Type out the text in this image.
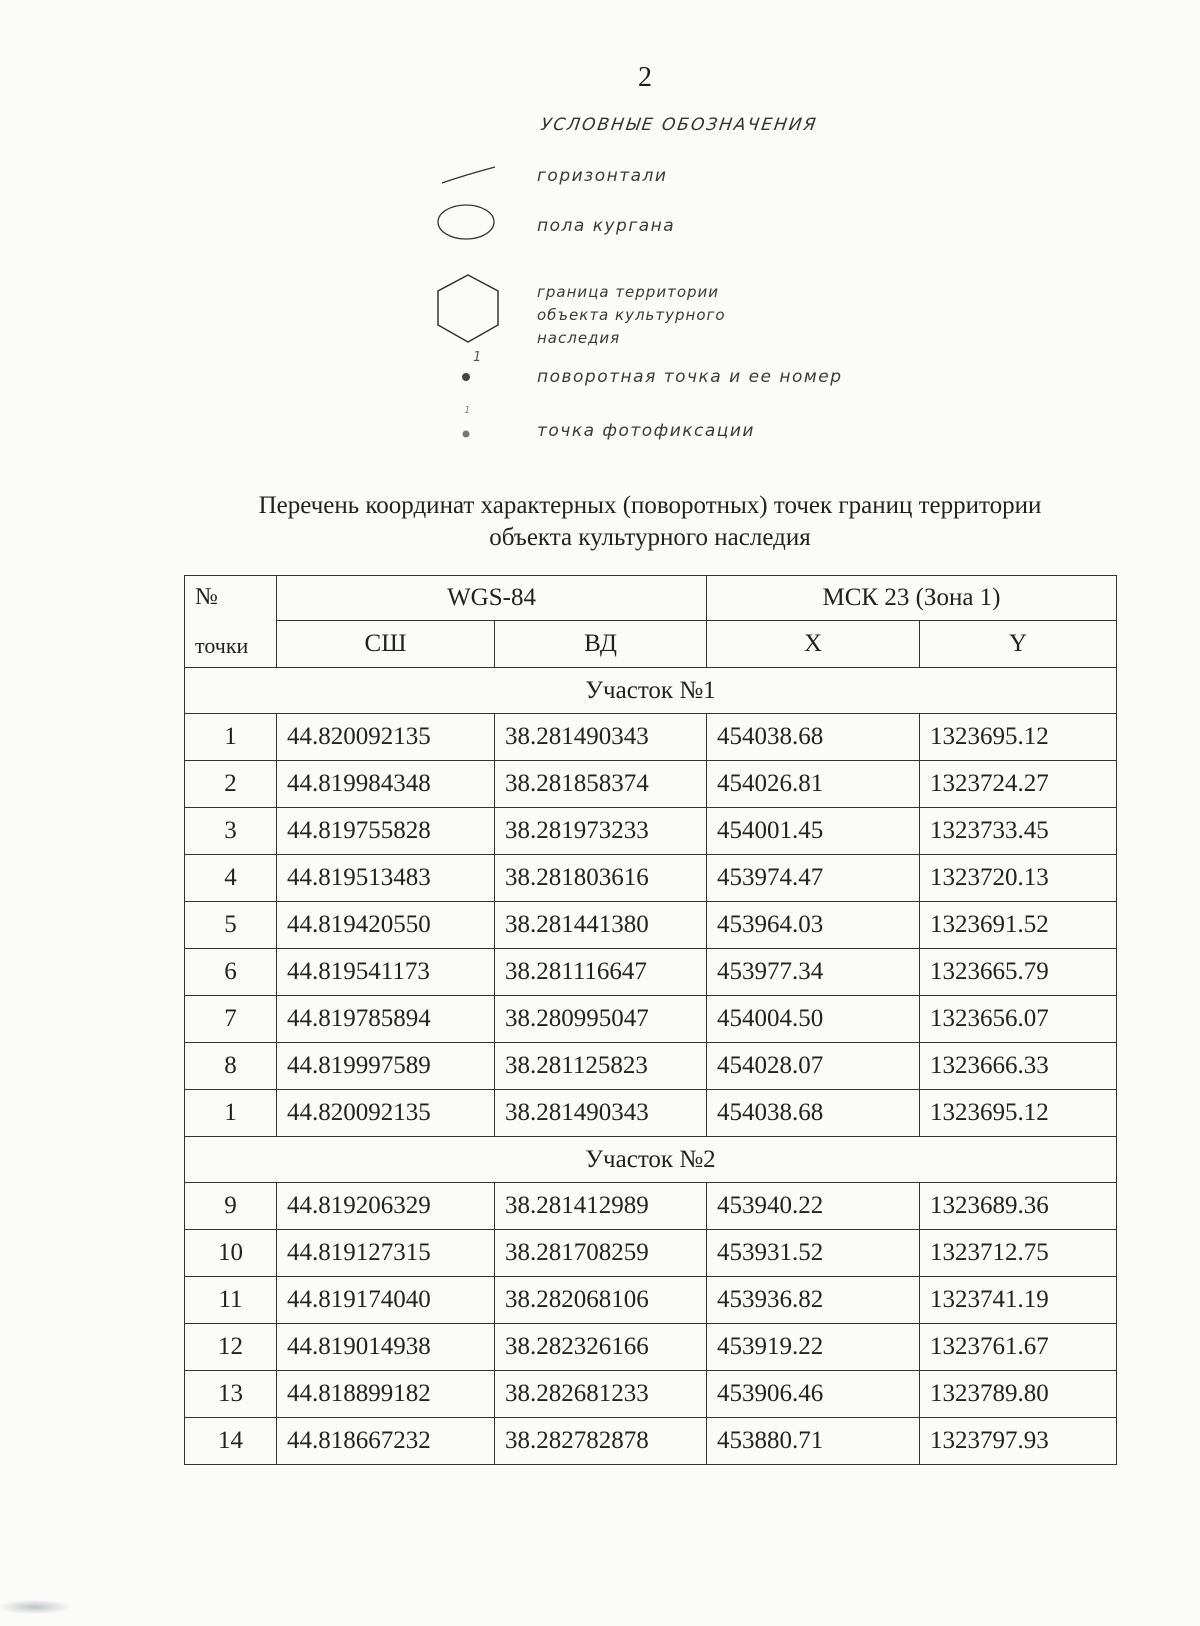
2
УСЛОВНЫЕ ОБОЗНАЧЕНИЯ
горизонтали
пола кургана
граница территории
объекта культурного
наследия
1
поворотная точка и ее номер
1
точка фотофиксации
Перечень координат характерных (поворотных) точек границ территории
объекта культурного наследия
№
точки	WGS-84		МСК 23 (Зона 1)	
	СШ	ВД	X	Y
Участок №1				
1	44.820092135	38.281490343	454038.68	1323695.12
2	44.819984348	38.281858374	454026.81	1323724.27
3	44.819755828	38.281973233	454001.45	1323733.45
4	44.819513483	38.281803616	453974.47	1323720.13
5	44.819420550	38.281441380	453964.03	1323691.52
6	44.819541173	38.281116647	453977.34	1323665.79
7	44.819785894	38.280995047	454004.50	1323656.07
8	44.819997589	38.281125823	454028.07	1323666.33
1	44.820092135	38.281490343	454038.68	1323695.12
Участок №2				
9	44.819206329	38.281412989	453940.22	1323689.36
10	44.819127315	38.281708259	453931.52	1323712.75
11	44.819174040	38.282068106	453936.82	1323741.19
12	44.819014938	38.282326166	453919.22	1323761.67
13	44.818899182	38.282681233	453906.46	1323789.80
14	44.818667232	38.282782878	453880.71	1323797.93
